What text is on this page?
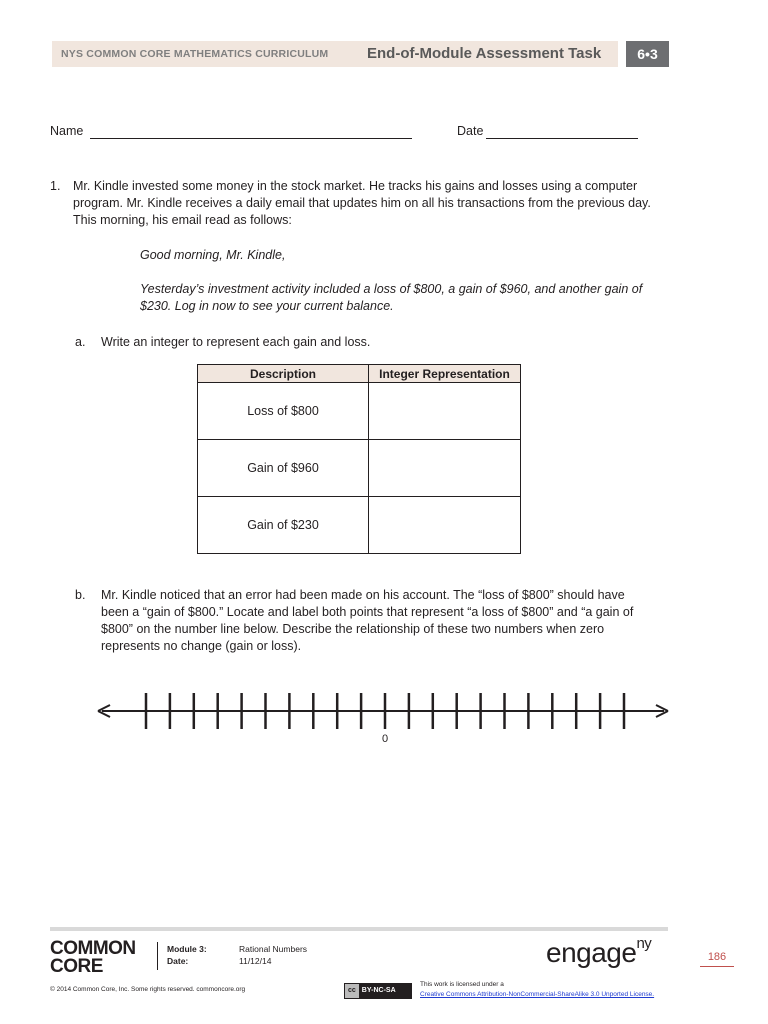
NYS COMMON CORE MATHEMATICS CURRICULUM	End-of-Module Assessment Task	6•3
Name	Date
1. Mr. Kindle invested some money in the stock market. He tracks his gains and losses using a computer
program. Mr. Kindle receives a daily email that updates him on all his transactions from the previous day.
This morning, his email read as follows:
Good morning, Mr. Kindle,
Yesterday’s investment activity included a loss of $800, a gain of $960, and another gain of
$230. Log in now to see your current balance.
a. Write an integer to represent each gain and loss.
Description	Integer Representation
Loss of $800	
Gain of $960	
Gain of $230	
b. Mr. Kindle noticed that an error had been made on his account. The “loss of $800” should have
been a “gain of $800.” Locate and label both points that represent “a loss of $800” and “a gain of
$800” on the number line below. Describe the relationship of these two numbers when zero
represents no change (gain or loss).
0
COMMON
CORE
Module 3:	Rational Numbers
Date:	11/12/14
© 2014 Common Core, Inc. Some rights reserved. commoncore.org
engage$^{ny}$
186
cc BY-NC-SA
This work is licensed under a
Creative Commons Attribution-NonCommercial-ShareAlike 3.0 Unported License.
